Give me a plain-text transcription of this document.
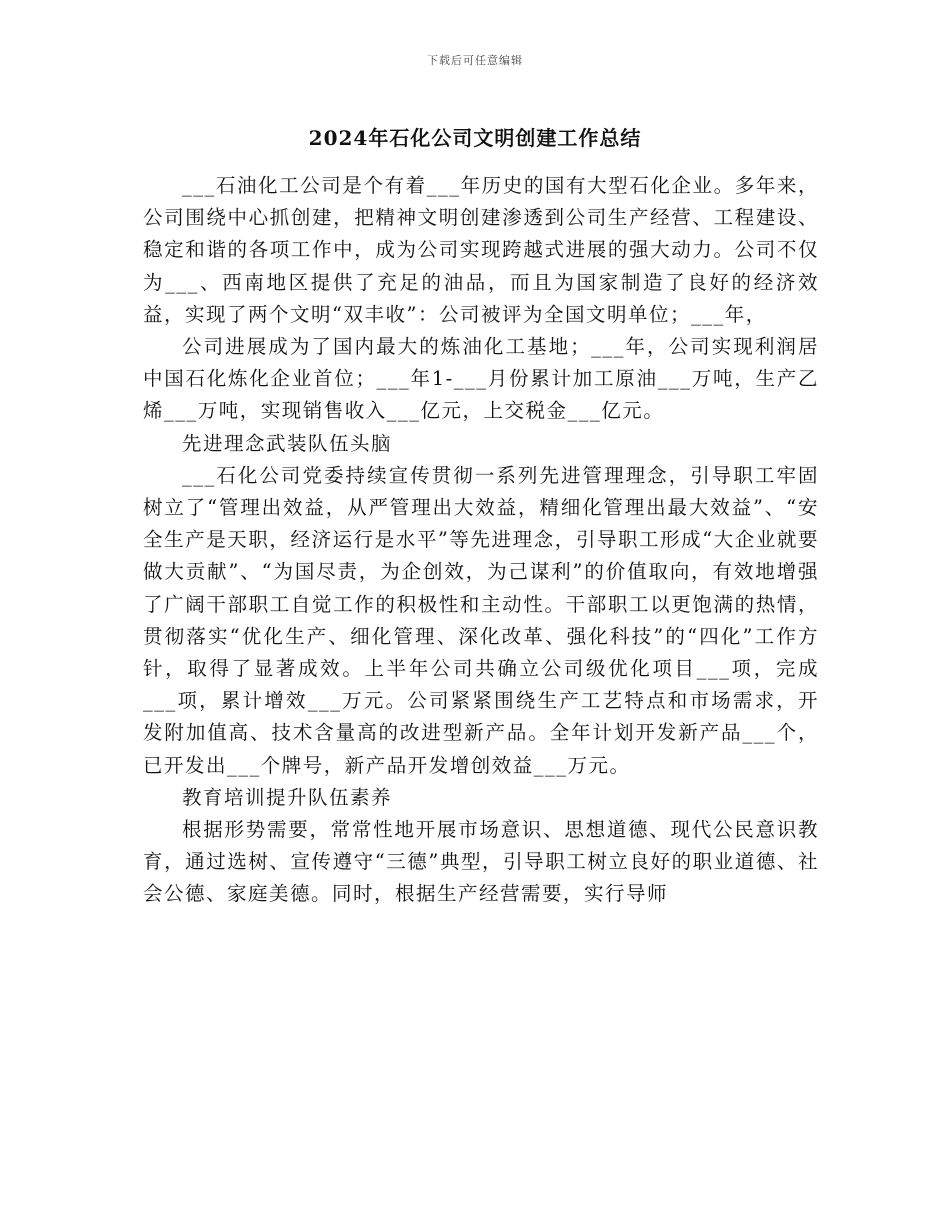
下载后可任意编辑
2024年石化公司文明创建工作总结

___石油化工公司是个有着___年历史的国有大型石化企业。多年来，公司围绕中心抓创建，把精神文明创建渗透到公司生产经营、工程建设、稳定和谐的各项工作中，成为公司实现跨越式进展的强大动力。公司不仅为___、西南地区提供了充足的油品，而且为国家制造了良好的经济效益，实现了两个文明“双丰收”：公司被评为全国文明单位；___年，

公司进展成为了国内最大的炼油化工基地；___年，公司实现利润居中国石化炼化企业首位；___年1-___月份累计加工原油___万吨，生产乙烯___万吨，实现销售收入___亿元，上交税金___亿元。

先进理念武装队伍头脑

___石化公司党委持续宣传贯彻一系列先进管理理念，引导职工牢固树立了“管理出效益，从严管理出大效益，精细化管理出最大效益”、“安全生产是天职，经济运行是水平”等先进理念，引导职工形成“大企业就要做大贡献”、“为国尽责，为企创效，为己谋利”的价值取向，有效地增强了广阔干部职工自觉工作的积极性和主动性。干部职工以更饱满的热情，贯彻落实“优化生产、细化管理、深化改革、强化科技”的“四化”工作方针，取得了显著成效。上半年公司共确立公司级优化项目___项，完成___项，累计增效___万元。公司紧紧围绕生产工艺特点和市场需求，开发附加值高、技术含量高的改进型新产品。全年计划开发新产品___个，已开发出___个牌号，新产品开发增创效益___万元。

教育培训提升队伍素养

根据形势需要，常常性地开展市场意识、思想道德、现代公民意识教育，通过选树、宣传遵守“三德”典型，引导职工树立良好的职业道德、社会公德、家庭美德。同时，根据生产经营需要，实行导师
